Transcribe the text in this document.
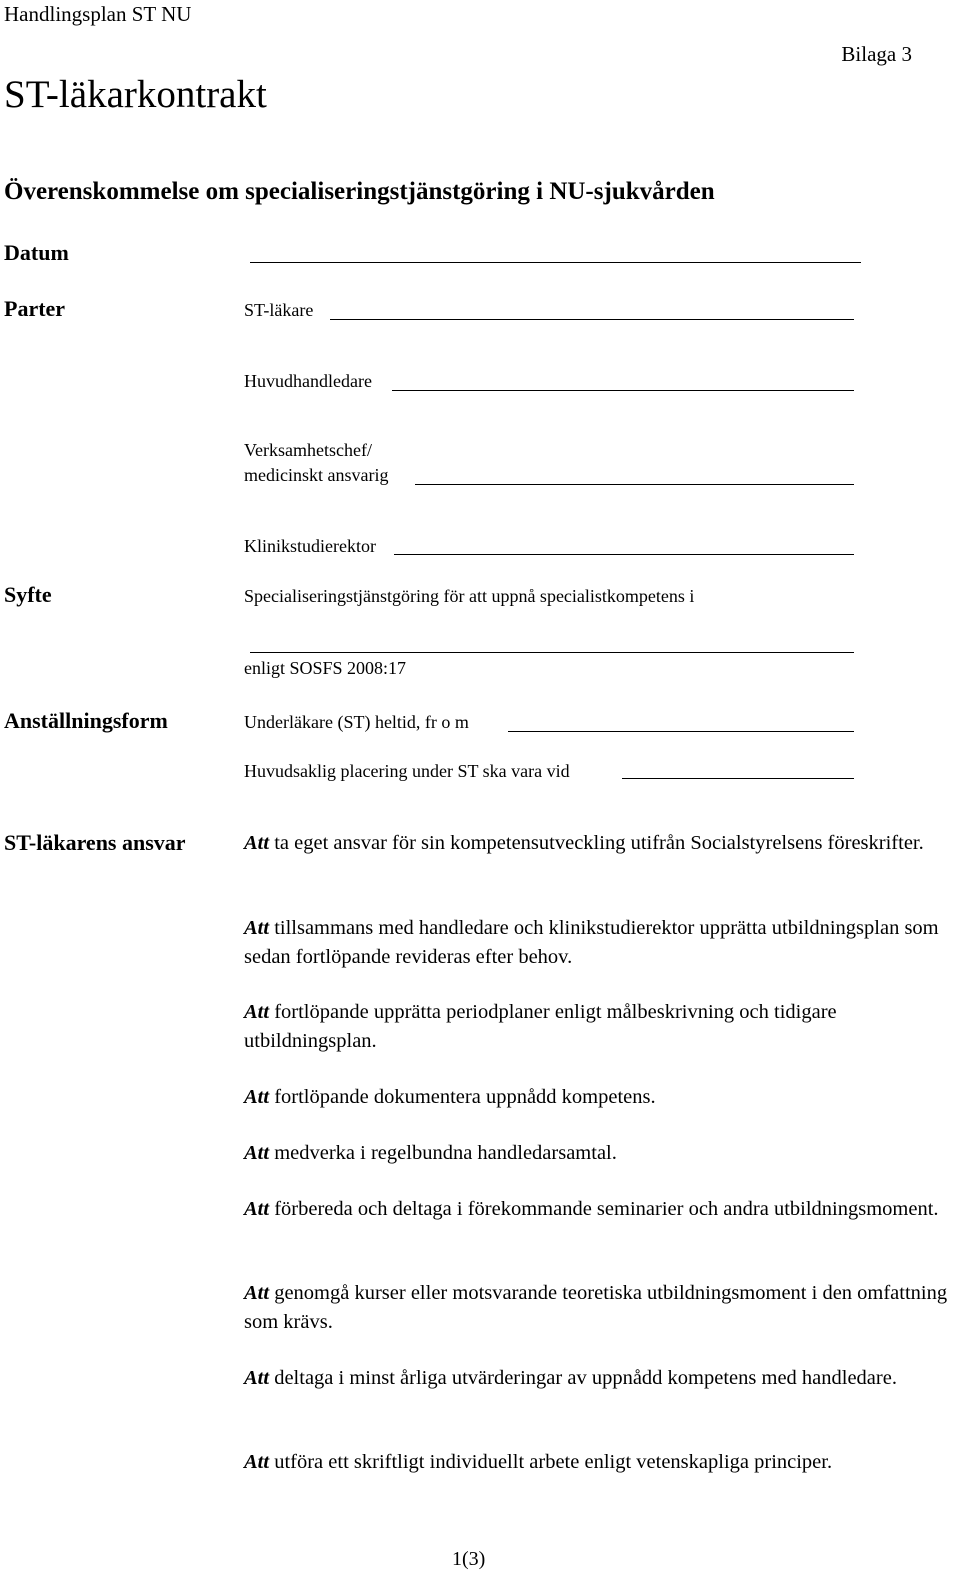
Handlingsplan ST NU
Bilaga 3
ST-läkarkontrakt
Överenskommelse om specialiseringstjänstgöring i NU-sjukvården
Datum
Parter	ST-läkare
Huvudhandledare
Verksamhetschef/
medicinskt ansvarig
Klinikstudierektor
Syfte	Specialiseringstjänstgöring för att uppnå specialistkompetens i
enligt SOSFS 2008:17
Anställningsform	Underläkare (ST) heltid, fr o m
Huvudsaklig placering under ST ska vara vid
ST-läkarens ansvar	Att ta eget ansvar för sin kompetensutveckling utifrån Socialstyrelsens föreskrifter.
Att tillsammans med handledare och klinikstudierektor upprätta utbildningsplan som sedan fortlöpande revideras efter behov.
Att fortlöpande upprätta periodplaner enligt målbeskrivning och tidigare utbildningsplan.
Att fortlöpande dokumentera uppnådd kompetens.
Att medverka i regelbundna handledarsamtal.
Att förbereda och deltaga i förekommande seminarier och andra utbildningsmoment.
Att genomgå kurser eller motsvarande teoretiska utbildningsmoment i den omfattning som krävs.
Att deltaga i minst årliga utvärderingar av uppnådd kompetens med handledare.
Att utföra ett skriftligt individuellt arbete enligt vetenskapliga principer.
1(3)
